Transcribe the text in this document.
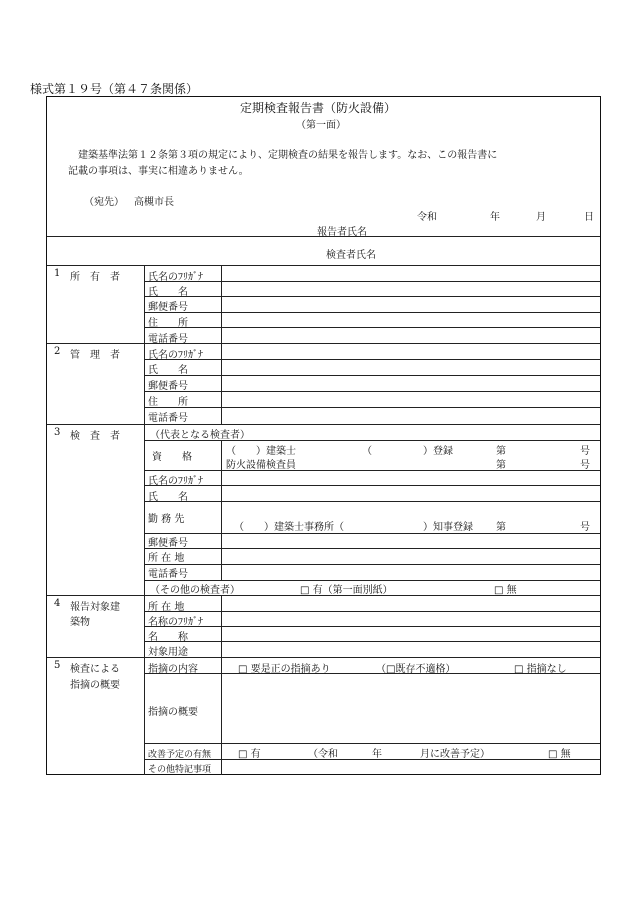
様式第１９号（第４７条関係）
定期検査報告書（防火設備）
（第一面）
建築基準法第１２条第３項の規定により、定期検査の結果を報告します。なお、この報告書に
記載の事項は、事実に相違ありません。
（宛先） 高槻市長
令和	年	月	日
報告者氏名
検査者氏名
1 所　有　者	氏名のﾌﾘｶﾞﾅ
氏　　名
郵便番号
住　　所
電話番号
2 管　理　者	氏名のﾌﾘｶﾞﾅ
氏　　名
郵便番号
住　　所
電話番号
3 検　査　者	（代表となる検査者）
資　　格
（　　）建築士	（	）登録	第	号
防火設備検査員	第	号
氏名のﾌﾘｶﾞﾅ
氏　　名
勤 務 先
（　　）建築士事務所（	）知事登録 第	号
郵便番号
所 在 地
電話番号
（その他の検査者）	□ 有（第一面別紙）	□ 無
4 報告対象建
築物
所 在 地
名称のﾌﾘｶﾞﾅ
名　　称
対象用途
5 検査による
指摘の概要
指摘の内容	□ 要是正の指摘あり	（□既存不適格）	□ 指摘なし
指摘の概要
改善予定の有無	□ 有	（令和	年	月に改善予定）	□ 無
その他特記事項
